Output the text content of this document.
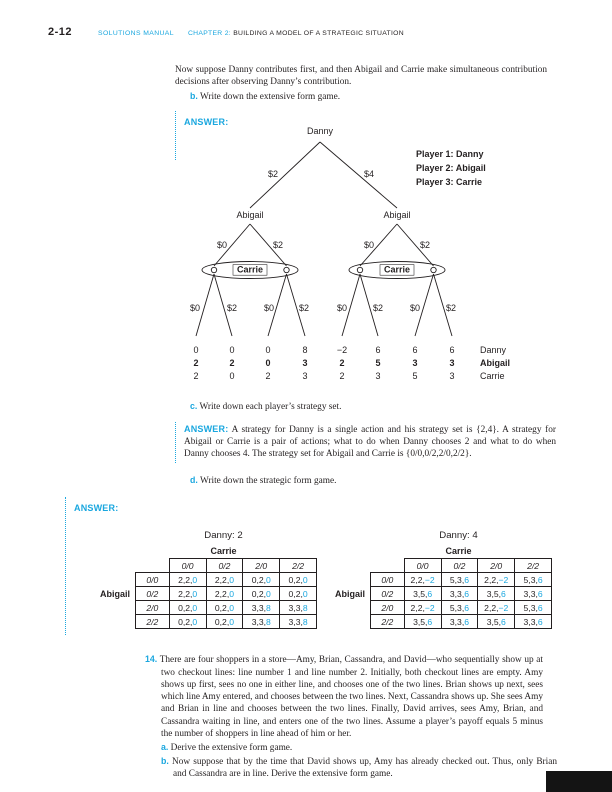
2-12	SOLUTIONS MANUAL CHAPTER 2: BUILDING A MODEL OF A STRATEGIC SITUATION

Now suppose Danny contributes first, and then Abigail and Carrie make simultaneous contribution decisions after observing Danny’s contribution.

b. Write down the extensive form game.

ANSWER:
Carrie	Carrie
Danny
Abigail	Abigail
$2	$4
$0	$2	$0	$2
$0	$2	$0	$2	$0	$2	$0	$2
0	0	0	8	−2	6	6	6
2	2	0	3	2	5	3	3
2	0	2	3	2	3	5	3
Danny
Abigail
Carrie
Player 1: Danny
Player 2: Abigail
Player 3: Carrie

c. Write down each player’s strategy set.

ANSWER: A strategy for Danny is a single action and his strategy set is {2,4}. A strategy for Abigail or Carrie is a pair of actions; what to do when Danny chooses 2 and what to do when Danny chooses 4. The strategy set for Abigail and Carrie is {0/0,0/2,2/0,2/2}.

d. Write down the strategic form game.

ANSWER:
Danny: 2
Carrie
Abigail
	0/0	0/2	2/0	2/2
0/0	2,2,0	2,2,0	0,2,0	0,2,0
0/2	2,2,0	2,2,0	0,2,0	0,2,0
2/0	0,2,0	0,2,0	3,3,8	3,3,8
2/2	0,2,0	0,2,0	3,3,8	3,3,8
Danny: 4
Carrie
Abigail
	0/0	0/2	2/0	2/2
0/0	2,2,−2	5,3,6	2,2,−2	5,3,6
0/2	3,5,6	3,3,6	3,5,6	3,3,6
2/0	2,2,−2	5,3,6	2,2,−2	5,3,6
2/2	3,5,6	3,3,6	3,5,6	3,3,6

14. There are four shoppers in a store—Amy, Brian, Cassandra, and David—who sequentially show up at two checkout lines: line number 1 and line number 2. Initially, both checkout lines are empty. Amy shows up first, sees no one in either line, and chooses one of the two lines. Brian shows up next, sees which line Amy entered, and chooses between the two lines. Next, Cassandra shows up. She sees Amy and Brian in line and chooses between the two lines. Finally, David arrives, sees Amy, Brian, and Cassandra waiting in line, and enters one of the two lines. Assume a player’s payoff equals 5 minus the number of shoppers in line ahead of him or her.

a. Derive the extensive form game.

b. Now suppose that by the time that David shows up, Amy has already checked out. Thus, only Brian and Cassandra are in line. Derive the extensive form game.
